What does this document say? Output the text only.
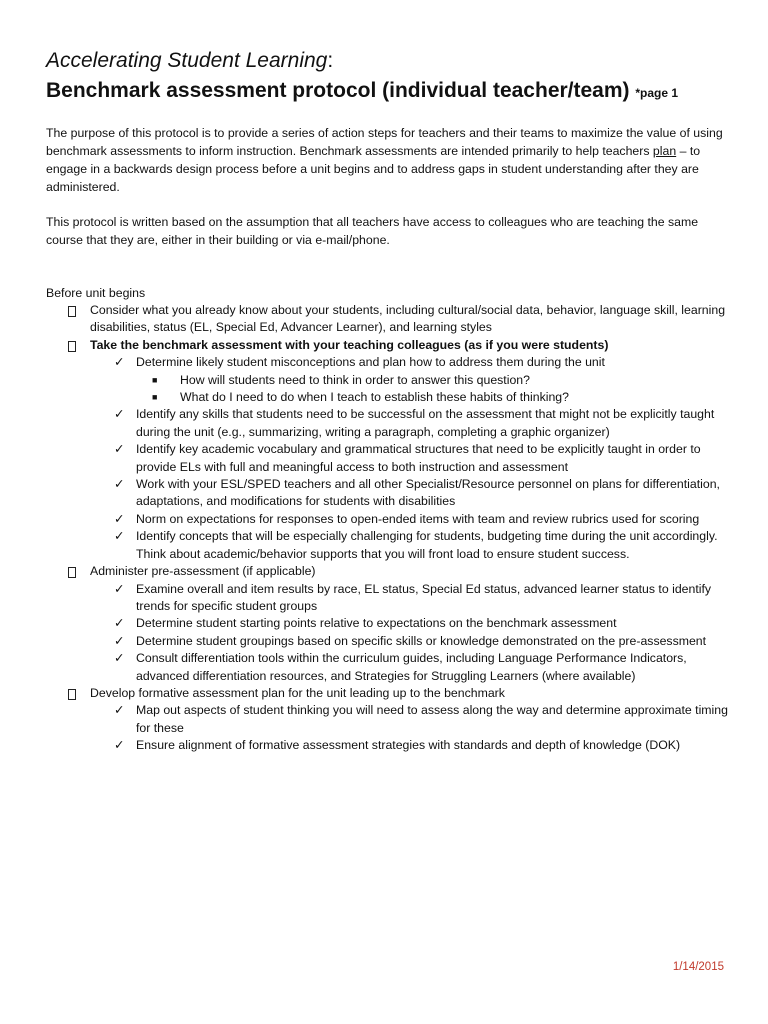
Accelerating Student Learning:
Benchmark assessment protocol (individual teacher/team) *page 1

The purpose of this protocol is to provide a series of action steps for teachers and their teams to maximize the value of using benchmark assessments to inform instruction. Benchmark assessments are intended primarily to help teachers plan – to engage in a backwards design process before a unit begins and to address gaps in student understanding after they are administered.

This protocol is written based on the assumption that all teachers have access to colleagues who are teaching the same course that they are, either in their building or via e-mail/phone.

Before unit begins
Consider what you already know about your students, including cultural/social data, behavior, language skill, learning disabilities, status (EL, Special Ed, Advancer Learner), and learning styles
Take the benchmark assessment with your teaching colleagues (as if you were students)
✓ Determine likely student misconceptions and plan how to address them during the unit
■ How will students need to think in order to answer this question?
■ What do I need to do when I teach to establish these habits of thinking?
✓ Identify any skills that students need to be successful on the assessment that might not be explicitly taught during the unit (e.g., summarizing, writing a paragraph, completing a graphic organizer)
✓ Identify key academic vocabulary and grammatical structures that need to be explicitly taught in order to provide ELs with full and meaningful access to both instruction and assessment
✓ Work with your ESL/SPED teachers and all other Specialist/Resource personnel on plans for differentiation, adaptations, and modifications for students with disabilities
✓ Norm on expectations for responses to open-ended items with team and review rubrics used for scoring
✓ Identify concepts that will be especially challenging for students, budgeting time during the unit accordingly. Think about academic/behavior supports that you will front load to ensure student success.
Administer pre-assessment (if applicable)
✓ Examine overall and item results by race, EL status, Special Ed status, advanced learner status to identify trends for specific student groups
✓ Determine student starting points relative to expectations on the benchmark assessment
✓ Determine student groupings based on specific skills or knowledge demonstrated on the pre-assessment
✓ Consult differentiation tools within the curriculum guides, including Language Performance Indicators, advanced differentiation resources, and Strategies for Struggling Learners (where available)
Develop formative assessment plan for the unit leading up to the benchmark
✓ Map out aspects of student thinking you will need to assess along the way and determine approximate timing for these
✓ Ensure alignment of formative assessment strategies with standards and depth of knowledge (DOK)
1/14/2015
